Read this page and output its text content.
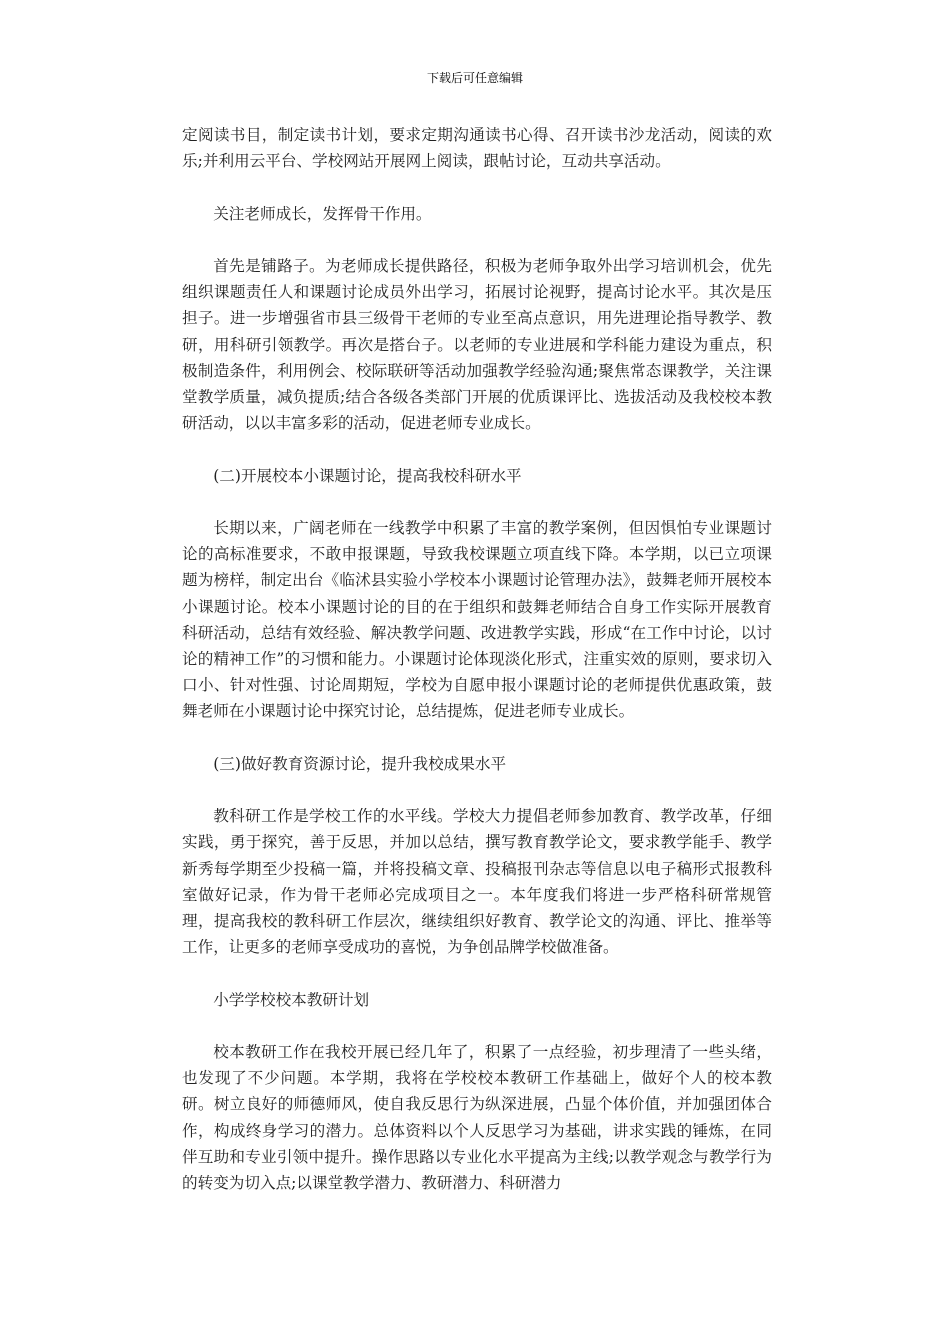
下载后可任意编辑

定阅读书目，制定读书计划，要求定期沟通读书心得、召开读书沙龙活动，阅读的欢乐;并利用云平台、学校网站开展网上阅读，跟帖讨论，互动共享活动。

关注老师成长，发挥骨干作用。

首先是铺路子。为老师成长提供路径，积极为老师争取外出学习培训机会，优先组织课题责任人和课题讨论成员外出学习，拓展讨论视野，提高讨论水平。其次是压担子。进一步增强省市县三级骨干老师的专业至高点意识，用先进理论指导教学、教研，用科研引领教学。再次是搭台子。以老师的专业进展和学科能力建设为重点，积极制造条件，利用例会、校际联研等活动加强教学经验沟通;聚焦常态课教学，关注课堂教学质量，减负提质;结合各级各类部门开展的优质课评比、选拔活动及我校校本教研活动，以以丰富多彩的活动，促进老师专业成长。

(二)开展校本小课题讨论，提高我校科研水平

长期以来，广阔老师在一线教学中积累了丰富的教学案例，但因惧怕专业课题讨论的高标准要求，不敢申报课题，导致我校课题立项直线下降。本学期，以已立项课题为榜样，制定出台《临沭县实验小学校本小课题讨论管理办法》，鼓舞老师开展校本小课题讨论。校本小课题讨论的目的在于组织和鼓舞老师结合自身工作实际开展教育科研活动，总结有效经验、解决教学问题、改进教学实践，形成“在工作中讨论，以讨论的精神工作”的习惯和能力。小课题讨论体现淡化形式，注重实效的原则，要求切入口小、针对性强、讨论周期短，学校为自愿申报小课题讨论的老师提供优惠政策，鼓舞老师在小课题讨论中探究讨论，总结提炼，促进老师专业成长。

(三)做好教育资源讨论，提升我校成果水平

教科研工作是学校工作的水平线。学校大力提倡老师参加教育、教学改革，仔细实践，勇于探究，善于反思，并加以总结，撰写教育教学论文，要求教学能手、教学新秀每学期至少投稿一篇，并将投稿文章、投稿报刊杂志等信息以电子稿形式报教科室做好记录，作为骨干老师必完成项目之一。本年度我们将进一步严格科研常规管理，提高我校的教科研工作层次，继续组织好教育、教学论文的沟通、评比、推举等工作，让更多的老师享受成功的喜悦，为争创品牌学校做准备。

小学学校校本教研计划

校本教研工作在我校开展已经几年了，积累了一点经验，初步理清了一些头绪，也发现了不少问题。本学期，我将在学校校本教研工作基础上，做好个人的校本教研。树立良好的师德师风，使自我反思行为纵深进展，凸显个体价值，并加强团体合作，构成终身学习的潜力。总体资料以个人反思学习为基础，讲求实践的锤炼，在同伴互助和专业引领中提升。操作思路以专业化水平提高为主线;以教学观念与教学行为的转变为切入点;以课堂教学潜力、教研潜力、科研潜力
